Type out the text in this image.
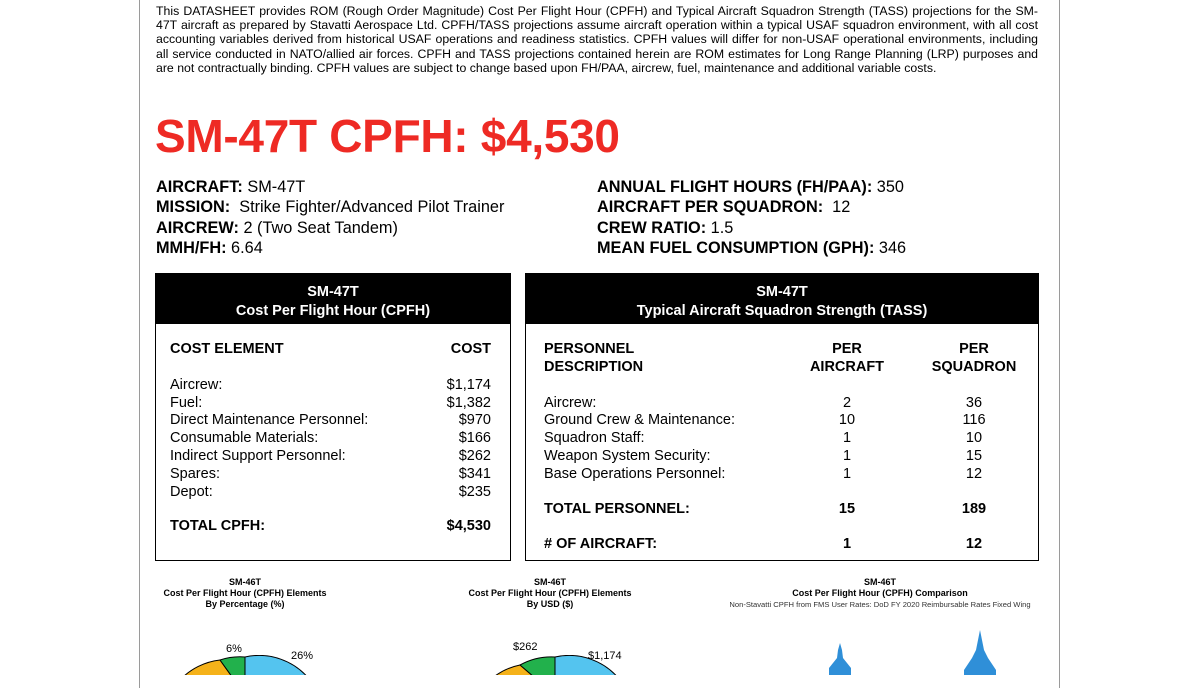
This DATASHEET provides ROM (Rough Order Magnitude) Cost Per Flight Hour (CPFH) and Typical Aircraft Squadron Strength (TASS) projections for the SM-47T aircraft as prepared by Stavatti Aerospace Ltd. CPFH/TASS projections assume aircraft operation within a typical USAF squadron environment, with all cost accounting variables derived from historical USAF operations and readiness statistics. CPFH values will differ for non-USAF operational environments, including all service conducted in NATO/allied air forces. CPFH and TASS projections contained herein are ROM estimates for Long Range Planning (LRP) purposes and are not contractually binding. CPFH values are subject to change based upon FH/PAA, aircrew, fuel, maintenance and additional variable costs.

SM-47T CPFH: $4,530
AIRCRAFT: SM-47T
MISSION:  Strike Fighter/Advanced Pilot Trainer
AIRCREW: 2 (Two Seat Tandem)
MMH/FH: 6.64
ANNUAL FLIGHT HOURS (FH/PAA): 350
AIRCRAFT PER SQUADRON:  12
CREW RATIO: 1.5
MEAN FUEL CONSUMPTION (GPH): 346
SM-47T
Cost Per Flight Hour (CPFH)
COST ELEMENT	COST
Aircrew:	$1,174
Fuel:	$1,382
Direct Maintenance Personnel:	$970
Consumable Materials:	$166
Indirect Support Personnel:	$262
Spares:	$341
Depot:	$235
TOTAL CPFH:	$4,530
SM-47T
Typical Aircraft Squadron Strength (TASS)
PERSONNEL	PER	PER
DESCRIPTION	AIRCRAFT	SQUADRON
Aircrew:	2	36
Ground Crew & Maintenance:	10	116
Squadron Staff:	1	10
Weapon System Security:	1	15
Base Operations Personnel:	1	12
TOTAL PERSONNEL:	15	189
# OF AIRCRAFT:	1	12
SM-46T
Cost Per Flight Hour (CPFH) Elements
By Percentage (%)
6%
26%
SM-46T
Cost Per Flight Hour (CPFH) Elements
By USD ($)
$262
$1,174
SM-46T
Cost Per Flight Hour (CPFH) Comparison
Non-Stavatti CPFH from FMS User Rates: DoD FY 2020 Reimbursable Rates Fixed Wing
